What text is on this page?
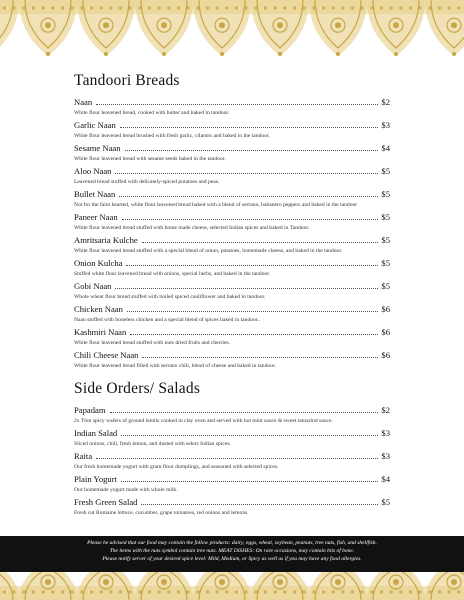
Tandoori Breads
Naan	$2
White flour leavened bread, cooked with butter and baked in tandoor.
Garlic Naan	$3
White flour leavened bread brushed with fresh garlic, cilantro and baked in the tandoor.
Sesame Naan	$4
White flour leavened bread with sesame seeds baked in the tandoor.
Aloo Naan	$5
Leavened bread stuffed with delicately-spiced potatoes and peas.
Bullet Naan	$5
Not for the faint hearted, white flour leavened bread baked with a blend of serrano, habanero peppers and baked in the tandoor
Paneer Naan	$5
White flour leavened bread stuffed with home made cheese, selected Indian spices and baked in Tandoor.
Amritsaria Kulche	$5
White flour leavened bread stuffed with a special blend of onion, potatoes, homemade cheese, and baked in the tandoor.
Onion Kulcha	$5
Stuffed white flour leavened bread with onions, special herbs, and baked in the tandoor.
Gobi Naan	$5
Whole wheat flour bread stuffed with boiled spiced cauliflower and baked in tandoor.
Chicken Naan	$6
Naan stuffed with boneless chicken and a special blend of spices baked in tandoor..
Kashmiri Naan	$6
White flour leavened bread stuffed with nuts dried fruits and cherries.
Chili Cheese Naan	$6
White flour leavened bread filled with serrano chili, blend of cheese and baked in tandoor.
Side Orders/ Salads
Papadam	$2
2x Thin spicy wafers of ground lentils cooked in clay oven and served with hot mint sauce & sweet tamarind sauce.
Indian Salad	$3
Sliced onions, chili, fresh lemon, and dusted with select Indian spices.
Raita	$3
Our fresh homemade yogurt with gram flour dumplings, and seasoned with selected spices.
Plain Yogurt	$4
Our homemade yogurt made with whole milk.
Fresh Green Salad	$5
Fresh cut Romaine lettuce, cucumber, grape tomatoes, red onions and lemons.
Please be advised that our food may contain the follow products: dairy, eggs, wheat, soybean, peanuts, tree nuts, fish, and shellfish.
The items with the nuts symbol contain tree nuts. MEAT DISHES: On rare occasions, may contain bits of bone.
Please notify server of your desired spice level: Mild, Medium, or Spicy as well as if you may have any food allergies.
